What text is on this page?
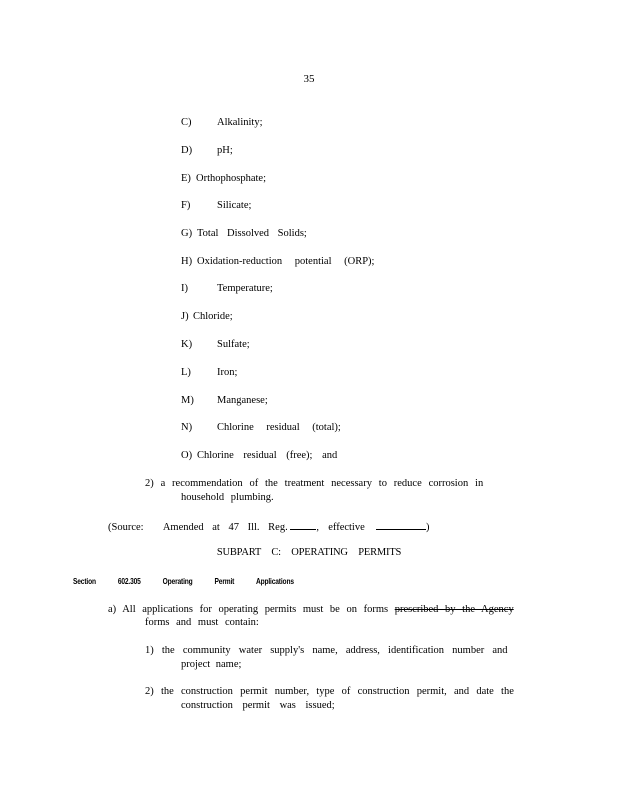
35
C) Alkalinity;
D) pH;
E) Orthophosphate;
F)	Silicate;
G) Total Dissolved Solids;
H) Oxidation-reduction potential (ORP);
I)	Temperature;
J) Chloride;
K) Sulfate;
L) Iron;
M) Manganese;
N) Chlorine residual (total);
O) Chlorine residual (free); and
2) a recommendation of the treatment necessary to reduce corrosion in
household plumbing.
(Source: Amended at 47 Ill. Reg.	, effective	)
SUBPART C: OPERATING PERMITS
Section 602.305 Operating Permit Applications
a) All applications for operating permits must be on forms prescribed by the Agency
forms and must contain:
1) the community water supply's name, address, identification number and
project name;
2) the construction permit number, type of construction permit, and date the
construction permit was issued;
